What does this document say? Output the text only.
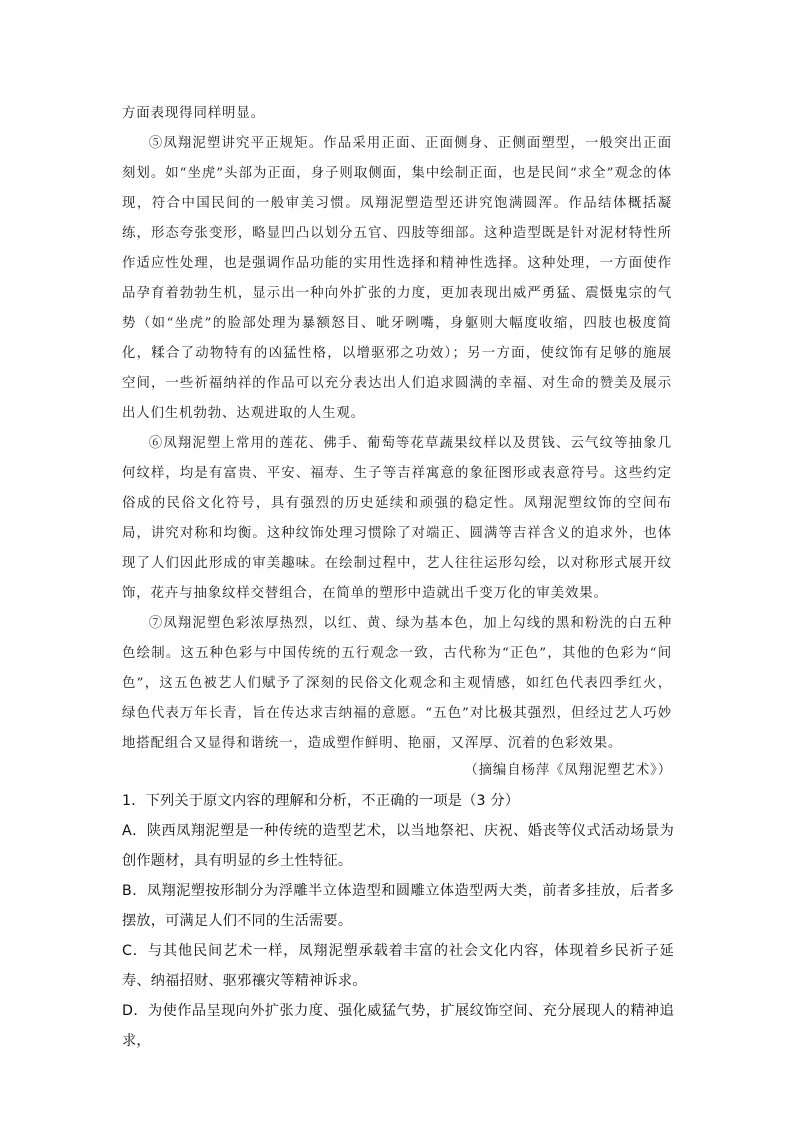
方面表现得同样明显。

⑤凤翔泥塑讲究平正规矩。作品采用正面、正面侧身、正侧面塑型，一般突出正面刻划。如“坐虎”头部为正面，身子则取侧面，集中绘制正面，也是民间“求全”观念的体现，符合中国民间的一般审美习惯。凤翔泥塑造型还讲究饱满圆浑。作品结体概括凝练，形态夸张变形，略显凹凸以划分五官、四肢等细部。这种造型既是针对泥材特性所作适应性处理，也是强调作品功能的实用性选择和精神性选择。这种处理，一方面使作品孕育着勃勃生机，显示出一种向外扩张的力度，更加表现出威严勇猛、震慑鬼宗的气势（如“坐虎”的脸部处理为暴额怒目、呲牙咧嘴，身躯则大幅度收缩，四肢也极度简化，糅合了动物特有的凶猛性格，以增驱邪之功效）；另一方面，使纹饰有足够的施展空间，一些祈福纳祥的作品可以充分表达出人们追求圆满的幸福、对生命的赞美及展示出人们生机勃勃、达观进取的人生观。

⑥凤翔泥塑上常用的莲花、佛手、葡萄等花草蔬果纹样以及贯钱、云气纹等抽象几何纹样，均是有富贵、平安、福寿、生子等吉祥寓意的象征图形或表意符号。这些约定俗成的民俗文化符号，具有强烈的历史延续和顽强的稳定性。凤翔泥塑纹饰的空间布局，讲究对称和均衡。这种纹饰处理习惯除了对端正、圆满等吉祥含义的追求外，也体现了人们因此形成的审美趣味。在绘制过程中，艺人往往运形勾绘，以对称形式展开纹饰，花卉与抽象纹样交替组合，在简单的塑形中造就出千变万化的审美效果。

⑦凤翔泥塑色彩浓厚热烈，以红、黄、绿为基本色，加上勾线的黑和粉洗的白五种色绘制。这五种色彩与中国传统的五行观念一致，古代称为“正色”，其他的色彩为“间色”，这五色被艺人们赋予了深刻的民俗文化观念和主观情感，如红色代表四季红火，绿色代表万年长青，旨在传达求吉纳福的意愿。“五色”对比极其强烈，但经过艺人巧妙地搭配组合又显得和谐统一，造成塑作鲜明、艳丽，又浑厚、沉着的色彩效果。

（摘编自杨萍《凤翔泥塑艺术》）

1．下列关于原文内容的理解和分析，不正确的一项是（3 分）

A．陕西凤翔泥塑是一种传统的造型艺术，以当地祭祀、庆祝、婚丧等仪式活动场景为创作题材，具有明显的乡土性特征。

B．凤翔泥塑按形制分为浮雕半立体造型和圆雕立体造型两大类，前者多挂放，后者多摆放，可满足人们不同的生活需要。

C．与其他民间艺术一样，凤翔泥塑承载着丰富的社会文化内容，体现着乡民祈子延寿、纳福招财、驱邪禳灾等精神诉求。

D．为使作品呈现向外扩张力度、强化威猛气势，扩展纹饰空间、充分展现人的精神追求，
